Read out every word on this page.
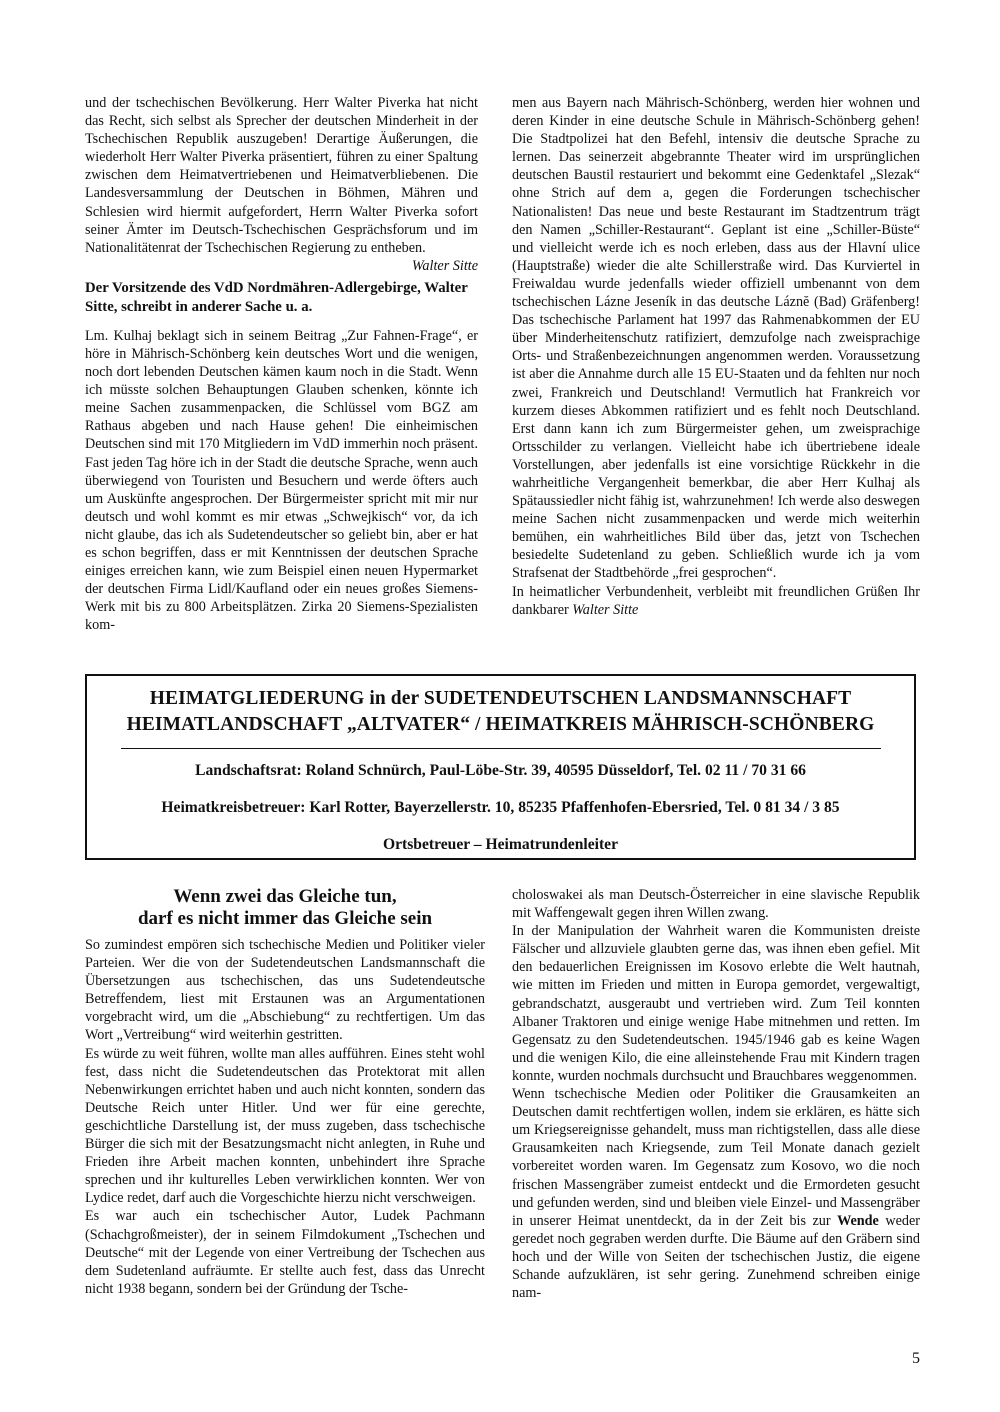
und der tschechischen Bevölkerung. Herr Walter Piverka hat nicht das Recht, sich selbst als Sprecher der deutschen Minderheit in der Tschechischen Republik auszugeben! Derartige Äußerungen, die wiederholt Herr Walter Piverka präsentiert, führen zu einer Spaltung zwischen dem Heimatvertriebenen und Heimatverbliebenen. Die Landesversammlung der Deutschen in Böhmen, Mähren und Schlesien wird hiermit aufgefordert, Herrn Walter Piverka sofort seiner Ämter im Deutsch-Tschechischen Gesprächsforum und im Nationalitätenrat der Tschechischen Regierung zu entheben.
Walter Sitte

Der Vorsitzende des VdD Nordmähren-Adlergebirge, Walter Sitte, schreibt in anderer Sache u. a.

Lm. Kulhaj beklagt sich in seinem Beitrag „Zur Fahnen-Frage“, er höre in Mährisch-Schönberg kein deutsches Wort und die wenigen, noch dort lebenden Deutschen kämen kaum noch in die Stadt. Wenn ich müsste solchen Behauptungen Glauben schenken, könnte ich meine Sachen zusammenpacken, die Schlüssel vom BGZ am Rathaus abgeben und nach Hause gehen! Die einheimischen Deutschen sind mit 170 Mitgliedern im VdD immerhin noch präsent. Fast jeden Tag höre ich in der Stadt die deutsche Sprache, wenn auch überwiegend von Touristen und Besuchern und werde öfters auch um Auskünfte angesprochen. Der Bürgermeister spricht mit mir nur deutsch und wohl kommt es mir etwas „Schwejkisch“ vor, da ich nicht glaube, das ich als Sudetendeutscher so geliebt bin, aber er hat es schon begriffen, dass er mit Kenntnissen der deutschen Sprache einiges erreichen kann, wie zum Beispiel einen neuen Hypermarket der deutschen Firma Lidl/Kaufland oder ein neues großes Siemens-Werk mit bis zu 800 Arbeitsplätzen. Zirka 20 Siemens-Spezialisten kom-

men aus Bayern nach Mährisch-Schönberg, werden hier wohnen und deren Kinder in eine deutsche Schule in Mährisch-Schönberg gehen! Die Stadtpolizei hat den Befehl, intensiv die deutsche Sprache zu lernen. Das seinerzeit abgebrannte Theater wird im ursprünglichen deutschen Baustil restauriert und bekommt eine Gedenktafel „Slezak“ ohne Strich auf dem a, gegen die Forderungen tschechischer Nationalisten! Das neue und beste Restaurant im Stadtzentrum trägt den Namen „Schiller-Restaurant“. Geplant ist eine „Schiller-Büste“ und vielleicht werde ich es noch erleben, dass aus der Hlavní ulice (Hauptstraße) wieder die alte Schillerstraße wird. Das Kurviertel in Freiwaldau wurde jedenfalls wieder offiziell umbenannt von dem tschechischen Lázne Jeseník in das deutsche Láznĕ (Bad) Gräfenberg! Das tschechische Parlament hat 1997 das Rahmenabkommen der EU über Minderheitenschutz ratifiziert, demzufolge nach zweisprachige Orts- und Straßenbezeichnungen angenommen werden. Voraussetzung ist aber die Annahme durch alle 15 EU-Staaten und da fehlten nur noch zwei, Frankreich und Deutschland! Vermutlich hat Frankreich vor kurzem dieses Abkommen ratifiziert und es fehlt noch Deutschland. Erst dann kann ich zum Bürgermeister gehen, um zweisprachige Ortsschilder zu verlangen. Vielleicht habe ich übertriebene ideale Vorstellungen, aber jedenfalls ist eine vorsichtige Rückkehr in die wahrheitliche Vergangenheit bemerkbar, die aber Herr Kulhaj als Spätaussiedler nicht fähig ist, wahrzunehmen! Ich werde also deswegen meine Sachen nicht zusammenpacken und werde mich weiterhin bemühen, ein wahrheitliches Bild über das, jetzt von Tschechen besiedelte Sudetenland zu geben. Schließlich wurde ich ja vom Strafsenat der Stadtbehörde „frei gesprochen“.

In heimatlicher Verbundenheit, verbleibt mit freundlichen Grüßen Ihr dankbarer Walter Sitte

HEIMATGLIEDERUNG in der SUDETENDEUTSCHEN LANDSMANNSCHAFT
HEIMATLANDSCHAFT „ALTVATER“ / HEIMATKREIS MÄHRISCH-SCHÖNBERG
Landschaftsrat: Roland Schnürch, Paul-Löbe-Str. 39, 40595 Düsseldorf, Tel. 02 11 / 70 31 66
Heimatkreisbetreuer: Karl Rotter, Bayerzellerstr. 10, 85235 Pfaffenhofen-Ebersried, Tel. 0 81 34 / 3 85
Ortsbetreuer – Heimatrundenleiter
Wenn zwei das Gleiche tun,
darf es nicht immer das Gleiche sein

So zumindest empören sich tschechische Medien und Politiker vieler Parteien. Wer die von der Sudetendeutschen Landsmannschaft die Übersetzungen aus tschechischen, das uns Sudetendeutsche Betreffendem, liest mit Erstaunen was an Argumentationen vorgebracht wird, um die „Abschiebung“ zu rechtfertigen. Um das Wort „Vertreibung“ wird weiterhin gestritten.

Es würde zu weit führen, wollte man alles aufführen. Eines steht wohl fest, dass nicht die Sudetendeutschen das Protektorat mit allen Nebenwirkungen errichtet haben und auch nicht konnten, sondern das Deutsche Reich unter Hitler. Und wer für eine gerechte, geschichtliche Darstellung ist, der muss zugeben, dass tschechische Bürger die sich mit der Besatzungsmacht nicht anlegten, in Ruhe und Frieden ihre Arbeit machen konnten, unbehindert ihre Sprache sprechen und ihr kulturelles Leben verwirklichen konnten. Wer von Lydice redet, darf auch die Vorgeschichte hierzu nicht verschweigen.

Es war auch ein tschechischer Autor, Ludek Pachmann (Schachgroßmeister), der in seinem Filmdokument „Tschechen und Deutsche“ mit der Legende von einer Vertreibung der Tschechen aus dem Sudetenland aufräumte. Er stellte auch fest, dass das Unrecht nicht 1938 begann, sondern bei der Gründung der Tsche-

choloswakei als man Deutsch-Österreicher in eine slavische Republik mit Waffengewalt gegen ihren Willen zwang.

In der Manipulation der Wahrheit waren die Kommunisten dreiste Fälscher und allzuviele glaubten gerne das, was ihnen eben gefiel. Mit den bedauerlichen Ereignissen im Kosovo erlebte die Welt hautnah, wie mitten im Frieden und mitten in Europa gemordet, vergewaltigt, gebrandschatzt, ausgeraubt und vertrieben wird. Zum Teil konnten Albaner Traktoren und einige wenige Habe mitnehmen und retten. Im Gegensatz zu den Sudetendeutschen. 1945/1946 gab es keine Wagen und die wenigen Kilo, die eine alleinstehende Frau mit Kindern tragen konnte, wurden nochmals durchsucht und Brauchbares weggenommen.

Wenn tschechische Medien oder Politiker die Grausamkeiten an Deutschen damit rechtfertigen wollen, indem sie erklären, es hätte sich um Kriegsereignisse gehandelt, muss man richtigstellen, dass alle diese Grausamkeiten nach Kriegsende, zum Teil Monate danach gezielt vorbereitet worden waren. Im Gegensatz zum Kosovo, wo die noch frischen Massengräber zumeist entdeckt und die Ermordeten gesucht und gefunden werden, sind und bleiben viele Einzel- und Massengräber in unserer Heimat unentdeckt, da in der Zeit bis zur Wende weder geredet noch gegraben werden durfte. Die Bäume auf den Gräbern sind hoch und der Wille von Seiten der tschechischen Justiz, die eigene Schande aufzuklären, ist sehr gering. Zunehmend schreiben einige nam-

5
